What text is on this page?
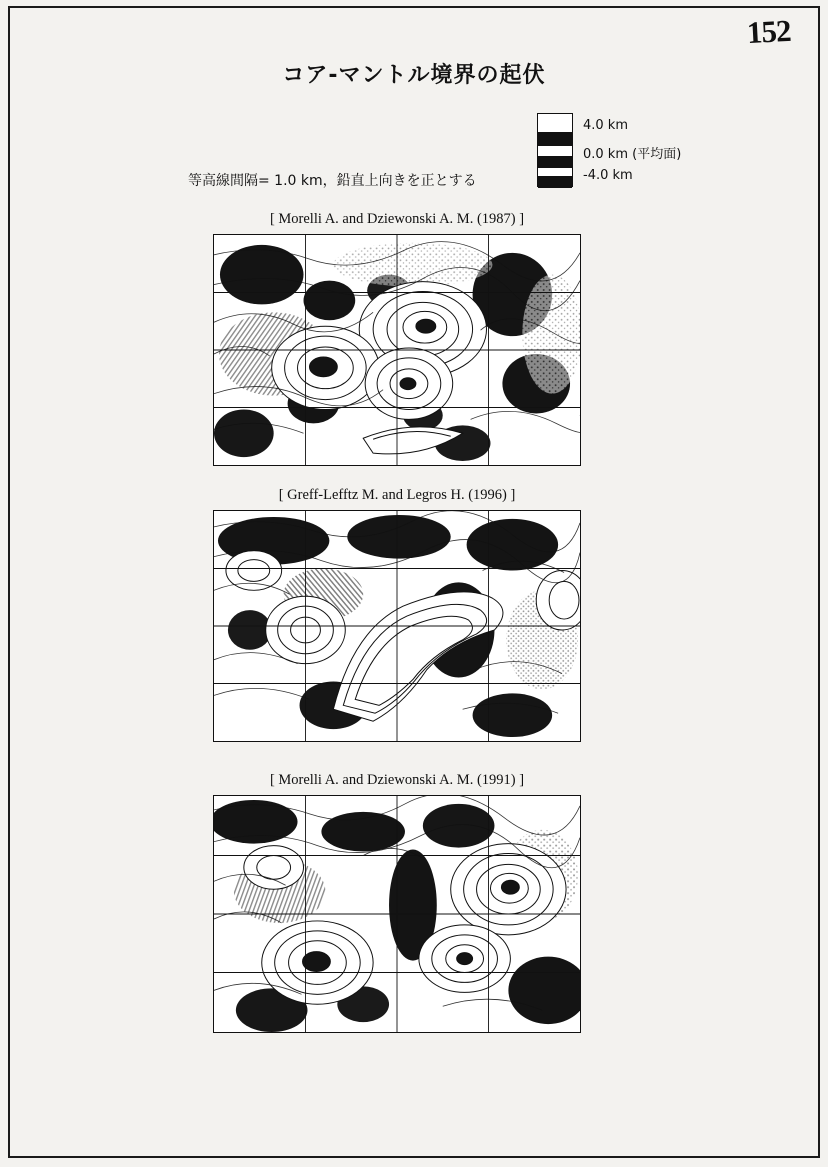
152
コア-マントル境界の起伏
4.0 km
0.0 km (平均面)
-4.0 km
等高線間隔= 1.0 km，鉛直上向きを正とする
[ Morelli A. and Dziewonski A. M. (1987) ]
[ Greff-Lefftz M. and Legros H. (1996) ]
[ Morelli A. and Dziewonski A. M. (1991) ]
